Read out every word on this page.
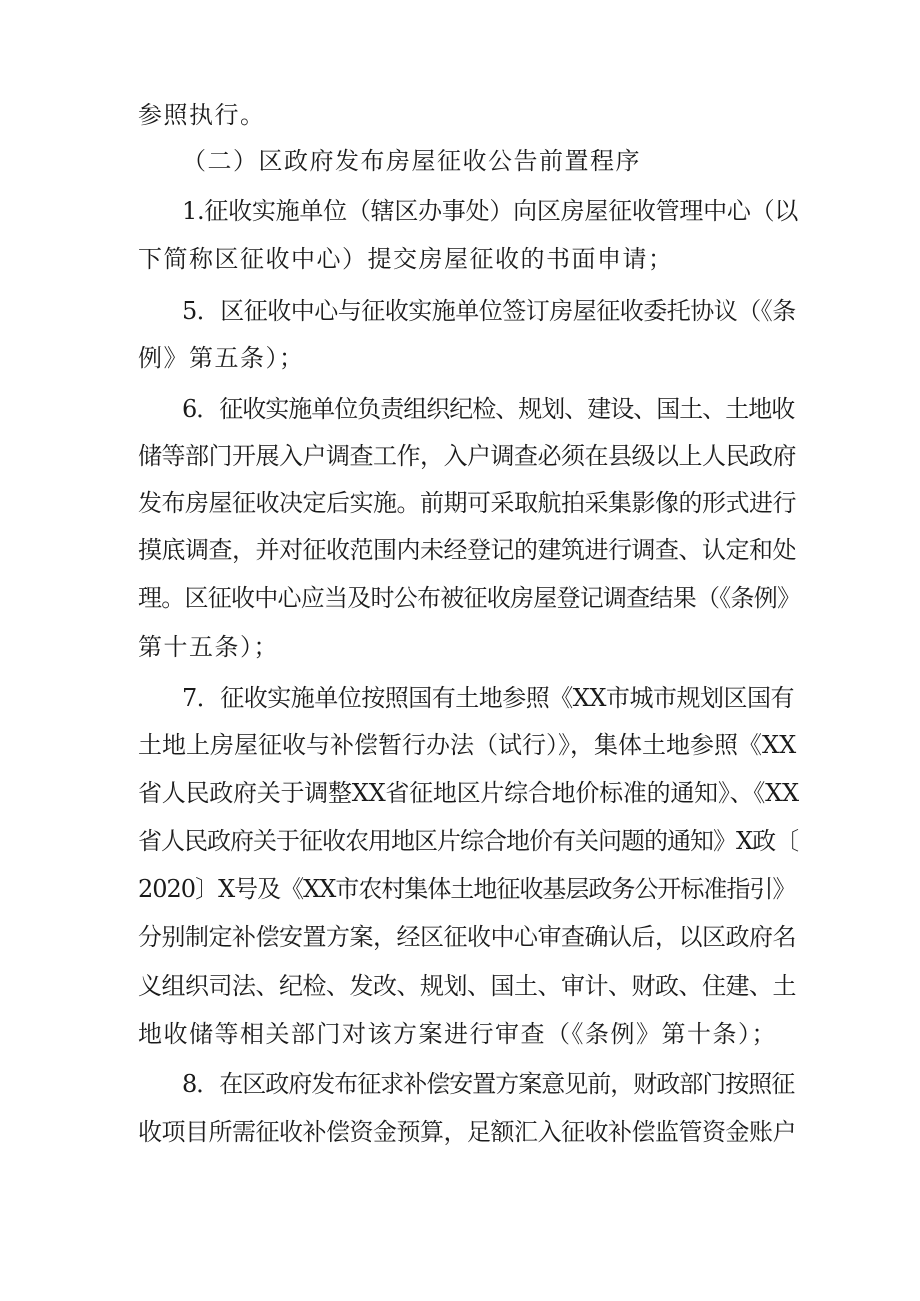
参照执行。
（二）区政府发布房屋征收公告前置程序
1.征收实施单位（辖区办事处）向区房屋征收管理中心（以
下简称区征收中心）提交房屋征收的书面申请；
5．区征收中心与征收实施单位签订房屋征收委托协议（《条
例》第五条）；
6．征收实施单位负责组织纪检、规划、建设、国土、土地收
储等部门开展入户调查工作，入户调查必须在县级以上人民政府
发布房屋征收决定后实施。前期可采取航拍采集影像的形式进行
摸底调查，并对征收范围内未经登记的建筑进行调查、认定和处
理。区征收中心应当及时公布被征收房屋登记调查结果（《条例》
第十五条）；
7．征收实施单位按照国有土地参照《XX市城市规划区国有
土地上房屋征收与补偿暂行办法（试行）》，集体土地参照《XX
省人民政府关于调整XX省征地区片综合地价标准的通知》、《XX
省人民政府关于征收农用地区片综合地价有关问题的通知》X政〔
2020〕X号及《XX市农村集体土地征收基层政务公开标准指引》
分别制定补偿安置方案，经区征收中心审查确认后，以区政府名
义组织司法、纪检、发改、规划、国土、审计、财政、住建、土
地收储等相关部门对该方案进行审查（《条例》第十条）；
8．在区政府发布征求补偿安置方案意见前，财政部门按照征
收项目所需征收补偿资金预算，足额汇入征收补偿监管资金账户
